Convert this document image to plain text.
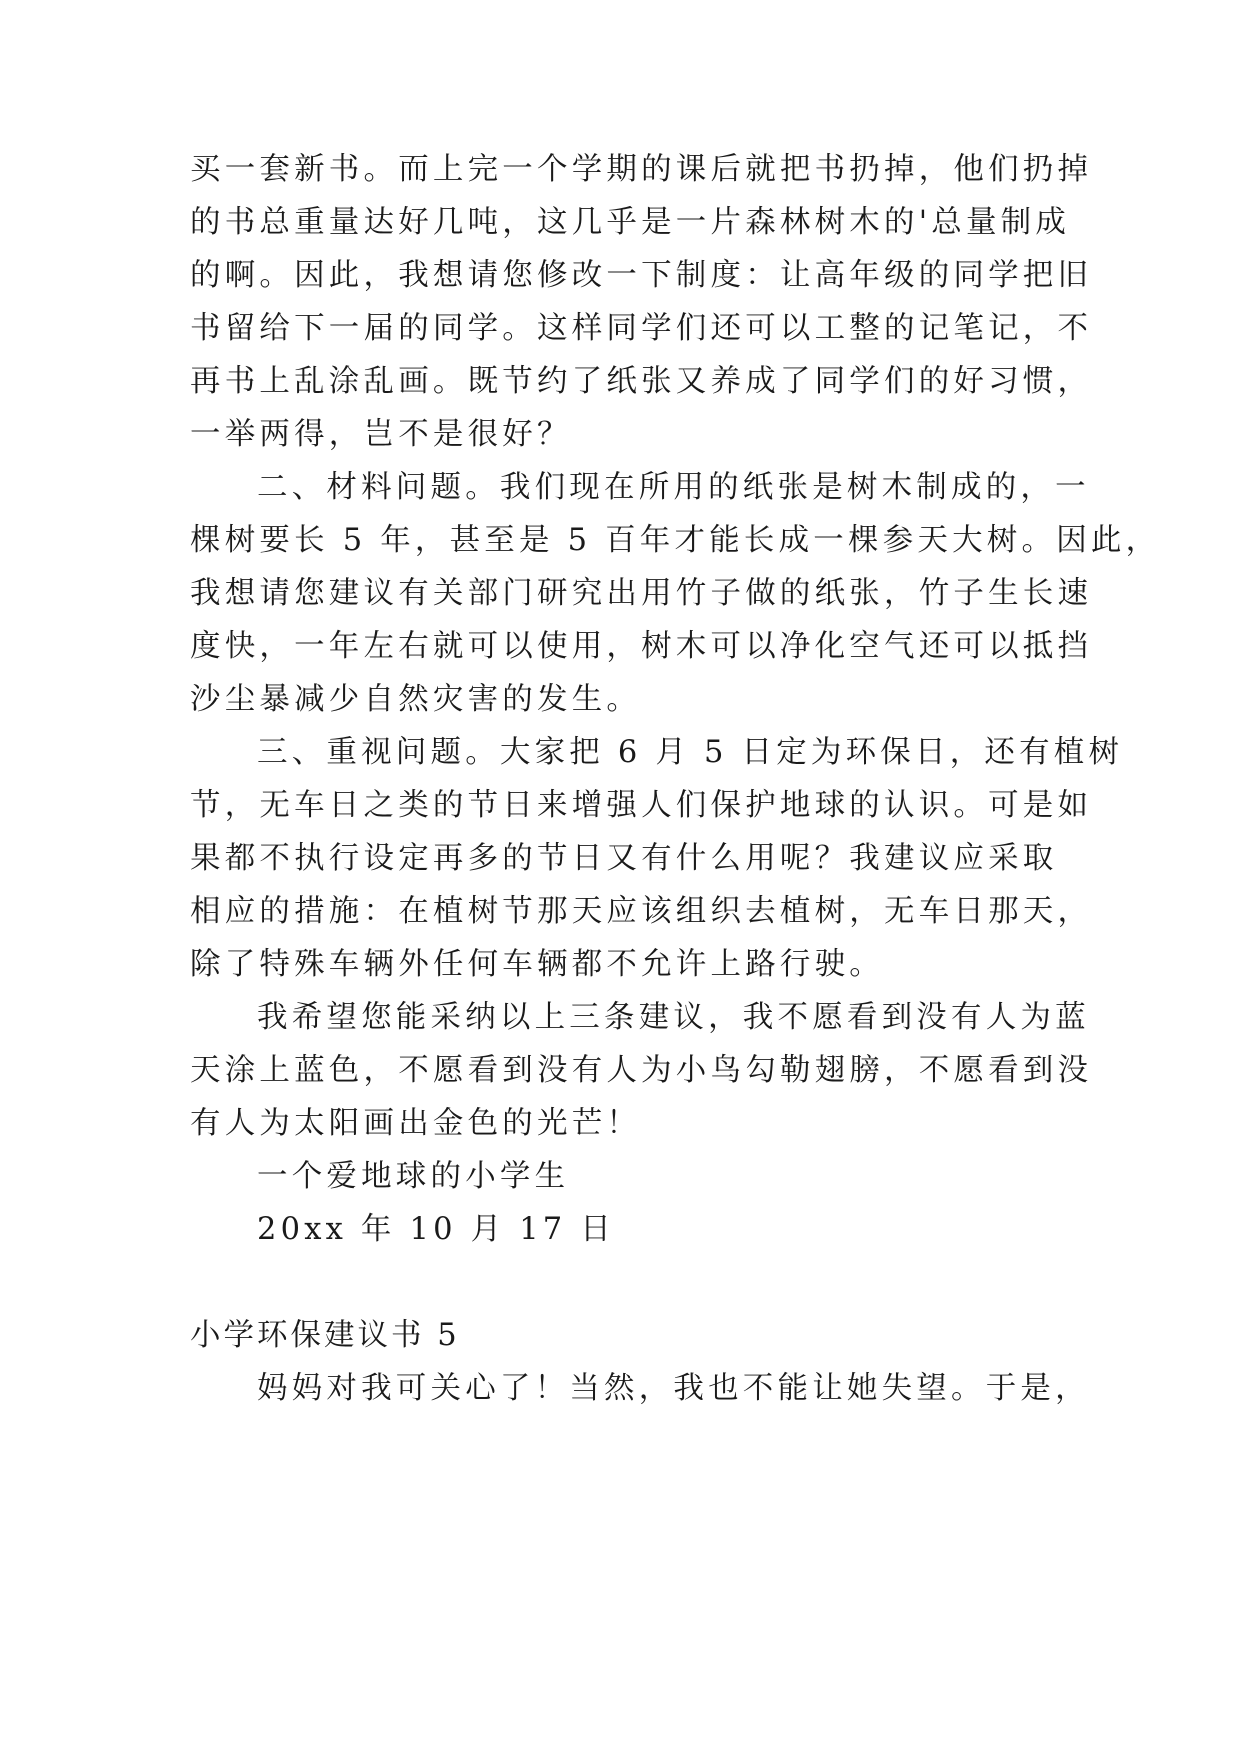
买一套新书。而上完一个学期的课后就把书扔掉，他们扔掉
的书总重量达好几吨，这几乎是一片森林树木的'总量制成
的啊。因此，我想请您修改一下制度：让高年级的同学把旧
书留给下一届的同学。这样同学们还可以工整的记笔记，不
再书上乱涂乱画。既节约了纸张又养成了同学们的好习惯，
一举两得，岂不是很好？
二、材料问题。我们现在所用的纸张是树木制成的，一
棵树要长 5 年，甚至是 5 百年才能长成一棵参天大树。因此，
我想请您建议有关部门研究出用竹子做的纸张，竹子生长速
度快，一年左右就可以使用，树木可以净化空气还可以抵挡
沙尘暴减少自然灾害的发生。
三、重视问题。大家把 6 月 5 日定为环保日，还有植树
节，无车日之类的节日来增强人们保护地球的认识。可是如
果都不执行设定再多的节日又有什么用呢？我建议应采取
相应的措施：在植树节那天应该组织去植树，无车日那天，
除了特殊车辆外任何车辆都不允许上路行驶。
我希望您能采纳以上三条建议，我不愿看到没有人为蓝
天涂上蓝色，不愿看到没有人为小鸟勾勒翅膀，不愿看到没
有人为太阳画出金色的光芒！
一个爱地球的小学生
20xx 年 10 月 17 日
小学环保建议书 5
妈妈对我可关心了！当然，我也不能让她失望。于是，
